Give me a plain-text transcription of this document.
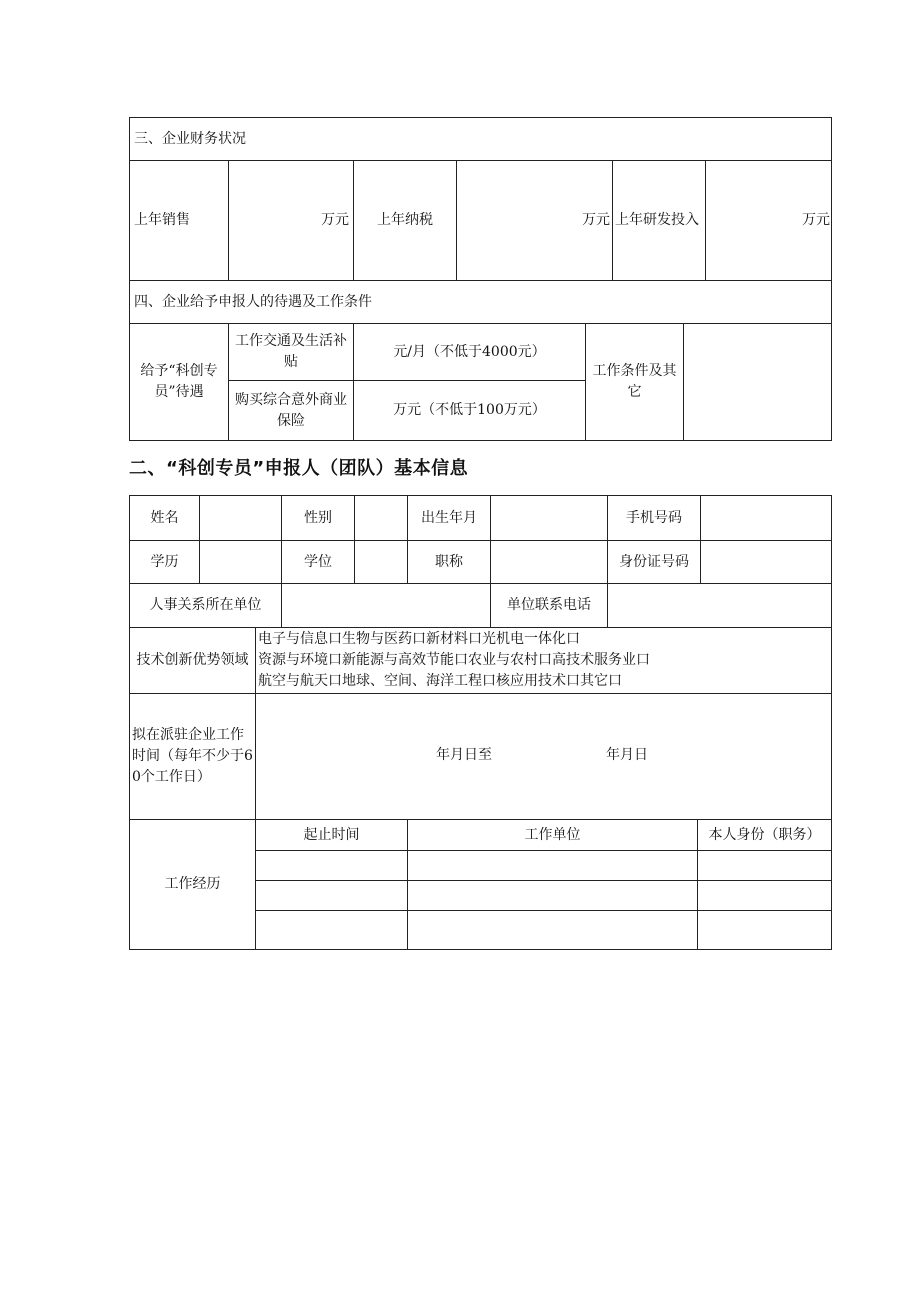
三、企业财务状况							
上年销售	万元	上年纳税	万元		上年研发投入		万元
四、企业给予申报人的待遇及工作条件							
给予“科创专员”待遇	工作交通及生活补贴	元/月（不低于4000元）		工作条件及其它			
	购买综合意外商业保险	万元（不低于100万元）					
二、“科创专员”申报人（团队）基本信息
姓名			性别		出生年月		手机号码		
学历			学位		职称		身份证号码		
人事关系所在单位						单位联系电话			
技术创新优势领域		电子与信息口生物与医药口新材料口光机电一体化口
资源与环境口新能源与高效节能口农业与农村口高技术服务业口
航空与航天口地球、空间、海洋工程口核应用技术口其它口							

拟在派驻企业工作时间（每年不少于60个工作日）		年月日至 年月日							

工作经历		起止时间			工作单位			本人身份（职务）	
